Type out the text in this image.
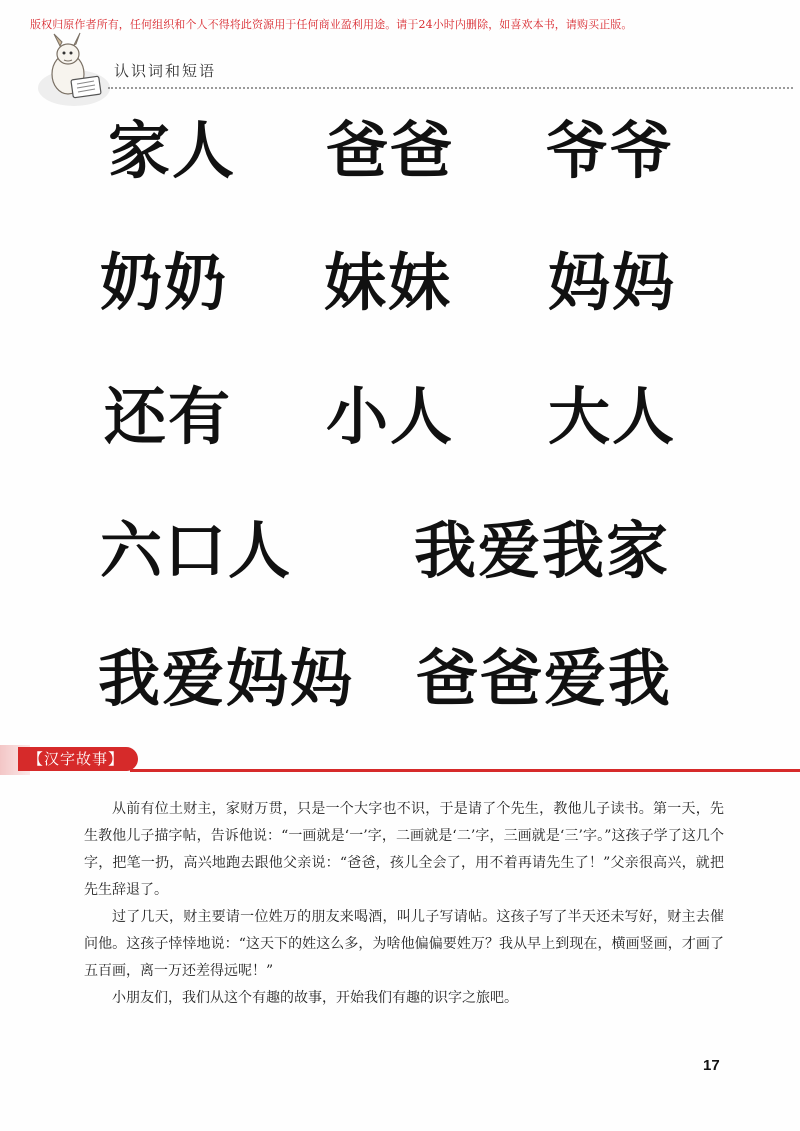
版权归原作者所有，任何组织和个人不得将此资源用于任何商业盈利用途。请于24小时内删除，如喜欢本书，请购买正版。
认识词和短语
家人 爸爸 爷爷
奶奶 妹妹 妈妈
还有 小人 大人
六口人 我爱我家
我爱妈妈 爸爸爱我
【汉字故事】

从前有位土财主，家财万贯，只是一个大字也不识，于是请了个先生，教他儿子读书。第一天，先生教他儿子描字帖，告诉他说：“一画就是‘一’字，二画就是‘二’字，三画就是‘三’字。”这孩子学了这几个字，把笔一扔，高兴地跑去跟他父亲说：“爸爸，孩儿全会了，用不着再请先生了！”父亲很高兴，就把先生辞退了。

过了几天，财主要请一位姓万的朋友来喝酒，叫儿子写请帖。这孩子写了半天还未写好，财主去催问他。这孩子悻悻地说：“这天下的姓这么多，为啥他偏偏要姓万？我从早上到现在，横画竖画，才画了五百画，离一万还差得远呢！”

小朋友们，我们从这个有趣的故事，开始我们有趣的识字之旅吧。

17
